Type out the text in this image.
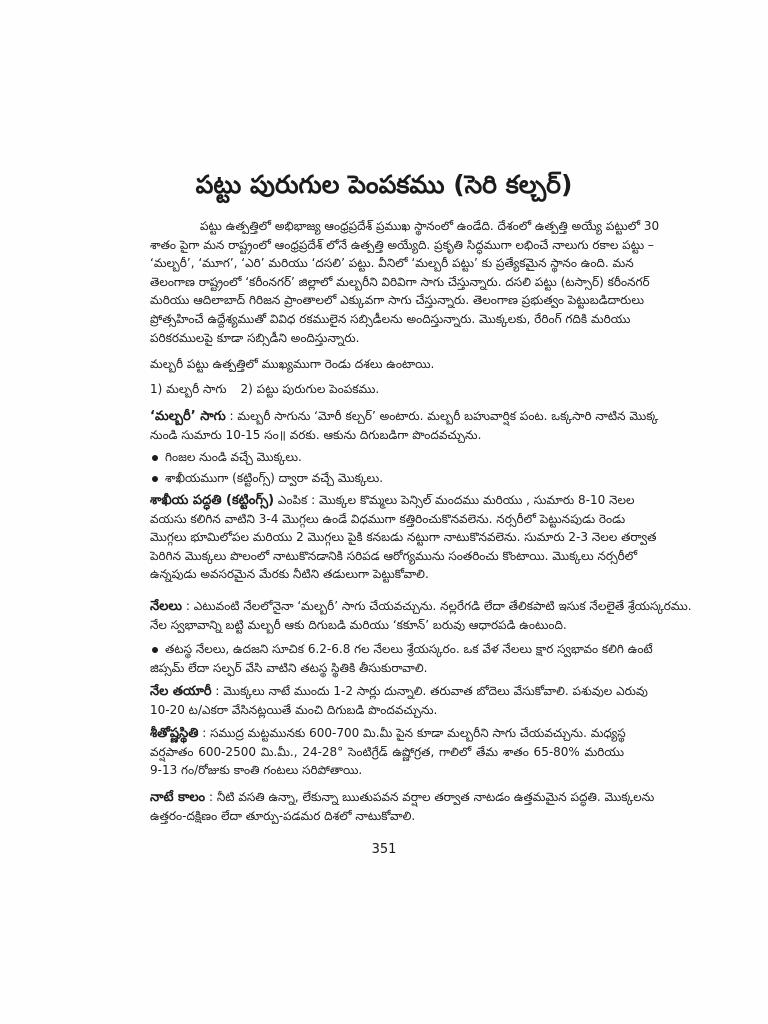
పట్టు పురుగుల పెంపకము (సెరి కల్చర్)
పట్టు ఉత్పత్తిలో అభిభాజ్య ఆంధ్రప్రదేశ్ ప్రముఖ స్థానంలో ఉండేది. దేశంలో ఉత్పత్తి అయ్యే పట్టులో 30
శాతం పైగా మన రాష్ట్రంలో ఆంధ్రప్రదేశ్ లోనే ఉత్పత్తి అయ్యేది. ప్రకృతి సిద్ధముగా లభించే నాలుగు రకాల పట్టు –
‘మల్బరీ’, ‘మూగ’, ‘ఎరి’ మరియు ‘దసలి’ పట్టు. వీనిలో ‘మల్బరీ పట్టు’ కు ప్రత్యేకమైన స్థానం ఉంది. మన
తెలంగాణ రాష్ట్రంలో ‘కరీంనగర్’ జిల్లాలో మల్బరీని విరివిగా సాగు చేస్తున్నారు. దసలి పట్టు (టస్సార్) కరీంనగర్
మరియు ఆదిలాబాద్ గిరిజన ప్రాంతాలలో ఎక్కువగా సాగు చేస్తున్నారు. తెలంగాణ ప్రభుత్వం పెట్టుబడిదారులు
ప్రోత్సహించే ఉద్దేశ్యముతో వివిధ రకములైన సబ్సిడీలను అందిస్తున్నారు. మొక్కలకు, రేరింగ్ గదికి మరియు
పరికరములపై కూడా సబ్సిడీని అందిస్తున్నారు.
మల్బరీ పట్టు ఉత్పత్తిలో ముఖ్యముగా రెండు దశలు ఉంటాయి.
1) మల్బరీ సాగు 2) పట్టు పురుగుల పెంపకము.
‘మల్బరీ’ సాగు : మల్బరీ సాగును ‘మోరీ కల్చర్’ అంటారు. మల్బరీ బహువార్షిక పంట. ఒక్కసారి నాటిన మొక్క
నుండి సుమారు 10-15 సం॥ వరకు. ఆకును దిగుబడిగా పొందవచ్చును.
గింజల నుండి వచ్చే మొక్కలు.
శాఖీయముగా (కట్టింగ్స్) ద్వారా వచ్చే మొక్కలు.
శాఖీయ పద్ధతి (కట్టింగ్స్) ఎంపిక : మొక్కల కొమ్మలు పెన్సిల్ మందము మరియు , సుమారు 8-10 నెలల
వయసు కలిగిన వాటిని 3-4 మొగ్గలు ఉండే విధముగా కత్తిరించుకొనవలెను. నర్సరీలో పెట్టునపుడు రెండు
మొగ్గలు భూమిలోపల మరియు 2 మొగ్గలు పైకి కనబడు నట్టుగా నాటుకొనవలెను. సుమారు 2-3 నెలల తర్వాత
పెరిగిన మొక్కలు పొలంలో నాటుకొనడానికి సరిపడ ఆరోగ్యమును సంతరించు కొంటాయి. మొక్కలు నర్సరీలో
ఉన్నపుడు అవసరమైన మేరకు నీటిని తడులుగా పెట్టుకోవాలి.
నేలలు : ఎటువంటి నేలలోనైనా ‘మల్బరీ’ సాగు చేయవచ్చును. నల్లరేగడి లేదా తేలికపాటి ఇసుక నేలలైతే శ్రేయస్కరము.
నేల స్వభావాన్ని బట్టి మల్బరీ ఆకు దిగుబడి మరియు ‘కకూన్’ బరువు ఆధారపడి ఉంటుంది.
తటస్థ నేలలు, ఉదజని సూచిక 6.2-6.8 గల నేలలు శ్రేయస్కరం. ఒక వేళ నేలలు క్షార స్వభావం కలిగి ఉంటే
జిప్సమ్ లేదా సల్ఫర్ వేసి వాటిని తటస్థ స్థితికి తీసుకురావాలి.
నేల తయారీ : మొక్కలు నాటే ముందు 1-2 సార్లు దున్నాలి. తరువాత బోదెలు వేసుకోవాలి. పశువుల ఎరువు
10-20 ట/ఎకరా వేసినట్లయితే మంచి దిగుబడి పొందవచ్చును.
శీతోష్ణస్థితి : సముద్ర మట్టమునకు 600-700 మి.మీ పైన కూడా మల్బరీని సాగు చేయవచ్చును. మధ్యస్థ
వర్షపాతం 600-2500 మి.మీ., 24-28° సెంటిగ్రేడ్ ఉష్ణోగ్రత, గాలిలో తేమ శాతం 65-80% మరియు
9-13 గం/రోజుకు కాంతి గంటలు సరిపోతాయి.
నాటే కాలం : నీటి వసతి ఉన్నా, లేకున్నా ఋతుపవన వర్షాల తర్వాత నాటడం ఉత్తమమైన పద్ధతి. మొక్కలను
ఉత్తరం-దక్షిణం లేదా తూర్పు-పడమర దిశలో నాటుకోవాలి.
351
